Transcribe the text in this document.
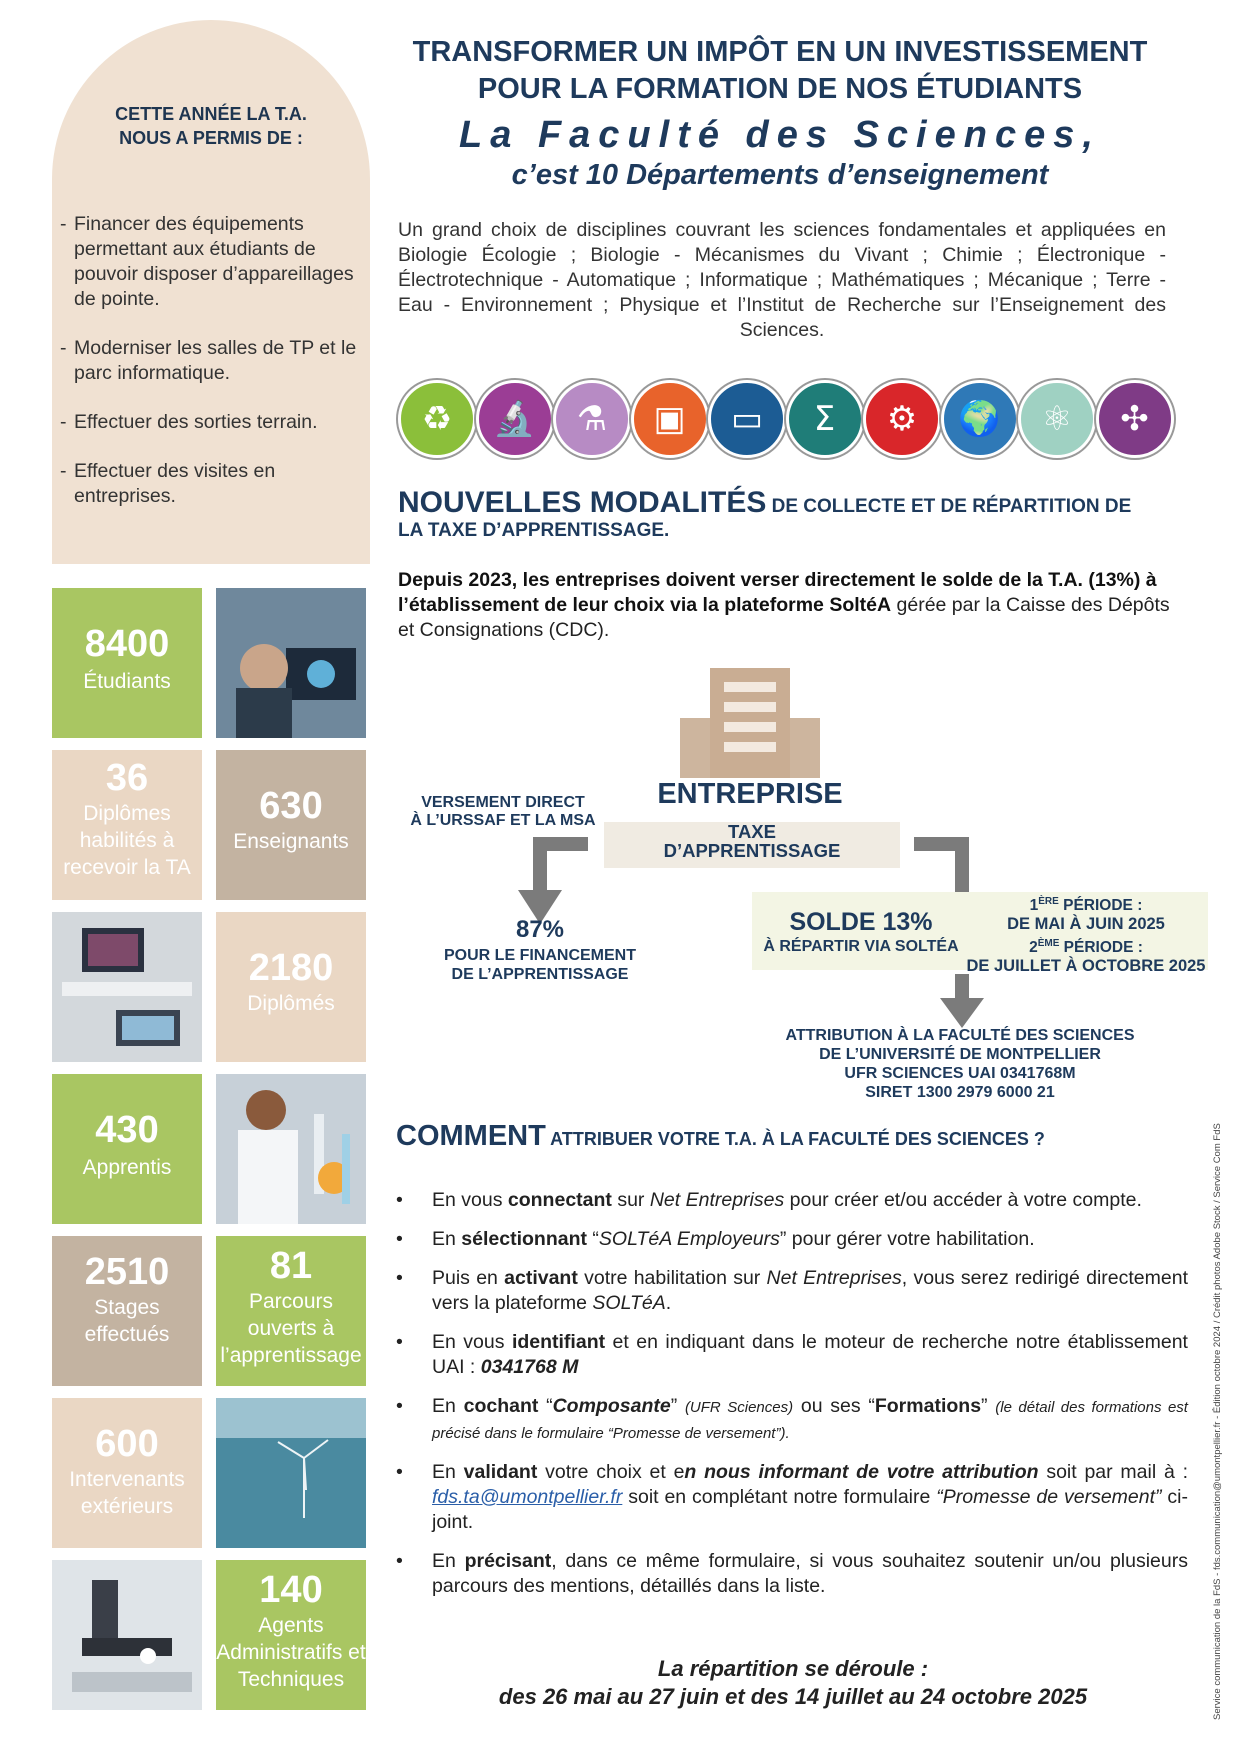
CETTE ANNÉE LA T.A.
NOUS A PERMIS DE :
- Financer des équipements permettant aux étudiants de pouvoir disposer d’appareillages de pointe.
- Moderniser les salles de TP et le parc informatique.
- Effectuer des sorties terrain.
- Effectuer des visites en entreprises.
8400
Étudiants
36
Diplômes habilités à recevoir la TA
630
Enseignants
2180
Diplômés
430
Apprentis
2510
Stages effectués
81
Parcours ouverts à l’apprentissage
600
Intervenants extérieurs
140
Agents Administratifs et Techniques
TRANSFORMER UN IMPÔT EN UN INVESTISSEMENT
POUR LA FORMATION DE NOS ÉTUDIANTS
La Faculté des Sciences,
c’est 10 Départements d’enseignement
Un grand choix de disciplines couvrant les sciences fondamentales et appliquées en Biologie Écologie ; Biologie - Mécanismes du Vivant ; Chimie ; Électronique - Électrotechnique - Automatique ; Informatique ; Mathématiques ; Mécanique ; Terre - Eau - Environnement ; Physique et l’Institut de Recherche sur l’Enseignement des Sciences.
♻	🔬	⚗	▣	▭	Σ	⚙	🌍	⚛	✣
NOUVELLES MODALITÉS DE COLLECTE ET DE RÉPARTITION DE
LA TAXE D’APPRENTISSAGE.
Depuis 2023, les entreprises doivent verser directement le solde de la T.A. (13%) à l’établissement de leur choix via la plateforme SoltéA gérée par la Caisse des Dépôts et Consignations (CDC).
ENTREPRISE
TAXE
D’APPRENTISSAGE
VERSEMENT DIRECT
À L’URSSAF ET LA MSA
87%
POUR LE FINANCEMENT
DE L’APPRENTISSAGE
SOLDE 13%
À RÉPARTIR VIA SOLTÉA
1ÈRE PÉRIODE :
DE MAI À JUIN 2025
2ÈME PÉRIODE :
DE JUILLET À OCTOBRE 2025
ATTRIBUTION À LA FACULTÉ DES SCIENCES
DE L’UNIVERSITÉ DE MONTPELLIER
UFR SCIENCES UAI 0341768M
SIRET 1300 2979 6000 21
COMMENT ATTRIBUER VOTRE T.A. À LA FACULTÉ DES SCIENCES ?
• En vous connectant sur Net Entreprises pour créer et/ou accéder à votre compte.
• En sélectionnant “SOLTéA Employeurs” pour gérer votre habilitation.
• Puis en activant votre habilitation sur Net Entreprises, vous serez redirigé directement vers la plateforme SOLTéA.
• En vous identifiant et en indiquant dans le moteur de recherche notre établissement UAI : 0341768 M
• En cochant “Composante” (UFR Sciences) ou ses “Formations” (le détail des formations est précisé dans le formulaire “Promesse de versement”).
• En validant votre choix et en nous informant de votre attribution soit par mail à : fds.ta@umontpellier.fr soit en complétant notre formulaire “Promesse de versement” ci-joint.
• En précisant, dans ce même formulaire, si vous souhaitez soutenir un/ou plusieurs parcours des mentions, détaillés dans la liste.
La répartition se déroule :
des 26 mai au 27 juin et des 14 juillet au 24 octobre 2025	Service communication de la FdS - fds.communication@umontpellier.fr - Édition octobre 2024 / Crédit photos Adobe Stock / Service Com FdS
